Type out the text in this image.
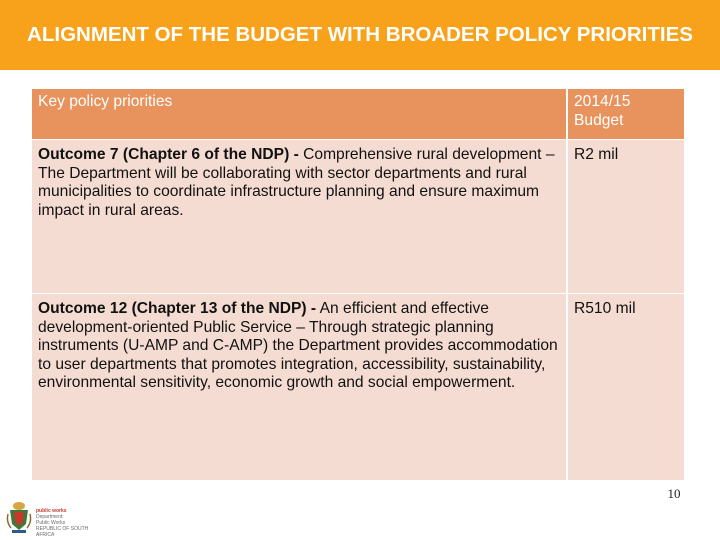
ALIGNMENT OF THE BUDGET WITH BROADER POLICY PRIORITIES
Key policy priorities	2014/15 Budget
Outcome 7 (Chapter 6 of the NDP) - Comprehensive rural development – The Department will be collaborating with sector departments and rural municipalities to coordinate infrastructure planning and ensure maximum impact in rural areas.	R2 mil
Outcome 12 (Chapter 13 of the NDP) - An efficient and effective development-oriented Public Service – Through strategic planning instruments (U-AMP and C-AMP) the Department provides accommodation to user departments that promotes integration, accessibility, sustainability, environmental sensitivity, economic growth and social empowerment.	R510 mil
public works
Department:
Public Works
REPUBLIC OF SOUTH AFRICA
10
